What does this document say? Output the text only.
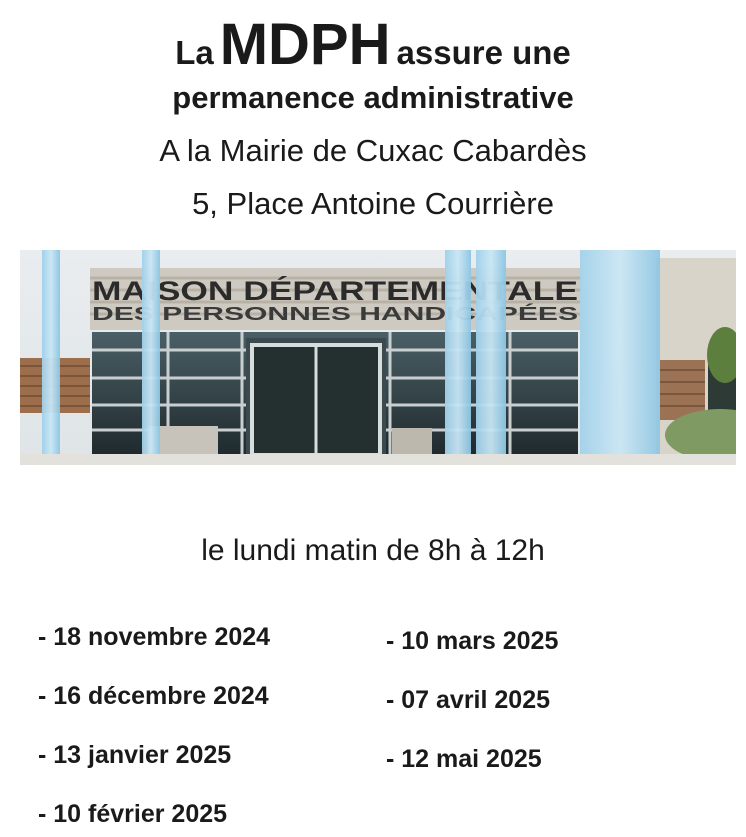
La MDPH assure une
permanence administrative
A la Mairie de Cuxac Cabardès
5, Place Antoine Courrière
MAISON DÉPARTEMENTALE
DES PERSONNES HANDICAPÉES
le lundi matin de 8h à 12h
- 18 novembre 2024
- 16 décembre 2024
- 13 janvier 2025
- 10 février 2025
- 10 mars 2025
- 07 avril 2025
- 12 mai 2025
